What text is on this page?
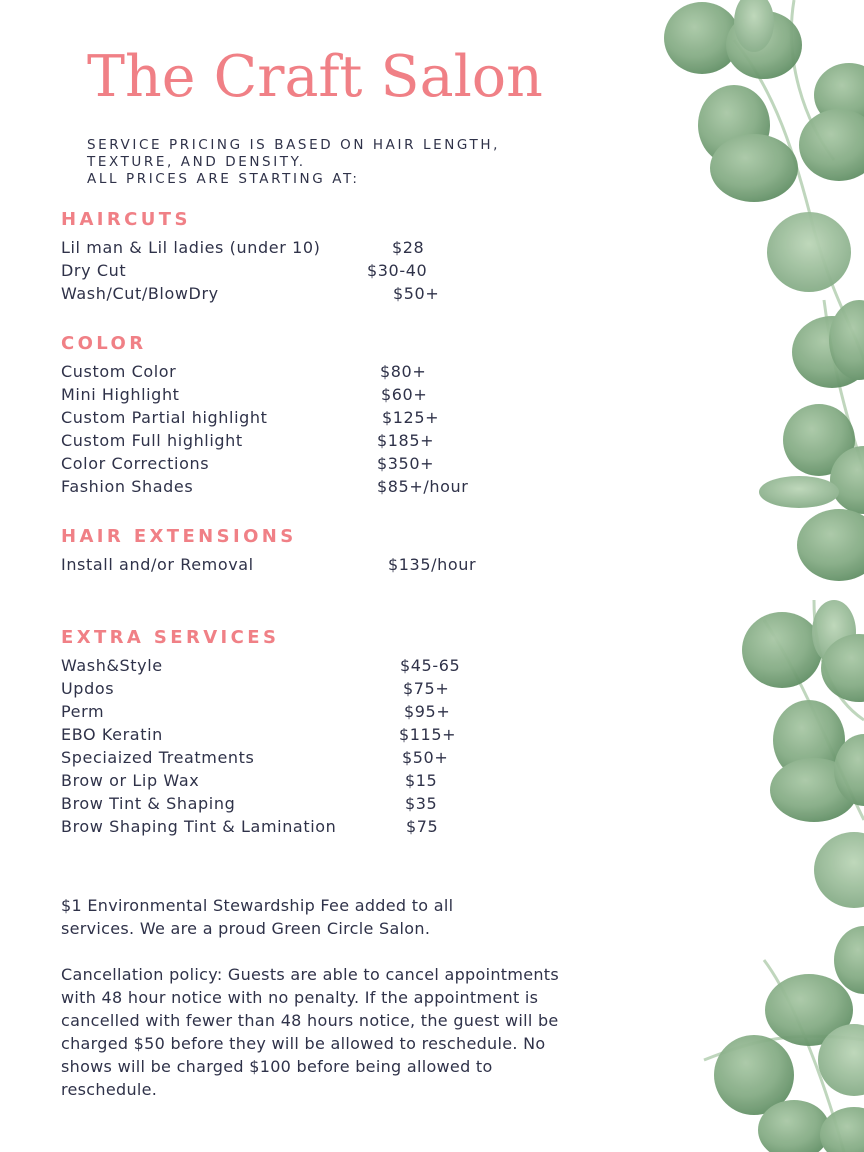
The Craft Salon
SERVICE PRICING IS BASED ON HAIR LENGTH,
TEXTURE, AND DENSITY.
ALL PRICES ARE STARTING AT:
HAIRCUTS
Lil man & Lil ladies (under 10)	$28
Dry Cut	$30-40
Wash/Cut/BlowDry	$50+
COLOR
Custom Color	$80+
Mini Highlight	$60+
Custom Partial highlight	$125+
Custom Full highlight	$185+
Color Corrections	$350+
Fashion Shades	$85+/hour
HAIR EXTENSIONS
Install and/or Removal	$135/hour
EXTRA SERVICES
Wash&Style	$45-65
Updos	$75+
Perm	$95+
EBO Keratin	$115+
Speciaized Treatments	$50+
Brow or Lip Wax	$15
Brow Tint & Shaping	$35
Brow Shaping Tint & Lamination	$75
$1 Environmental Stewardship Fee added to all services. We are a proud Green Circle Salon.
Cancellation policy: Guests are able to cancel appointments with 48 hour notice with no penalty. If the appointment is cancelled with fewer than 48 hours notice, the guest will be charged $50 before they will be allowed to reschedule. No shows will be charged $100 before being allowed to reschedule.
